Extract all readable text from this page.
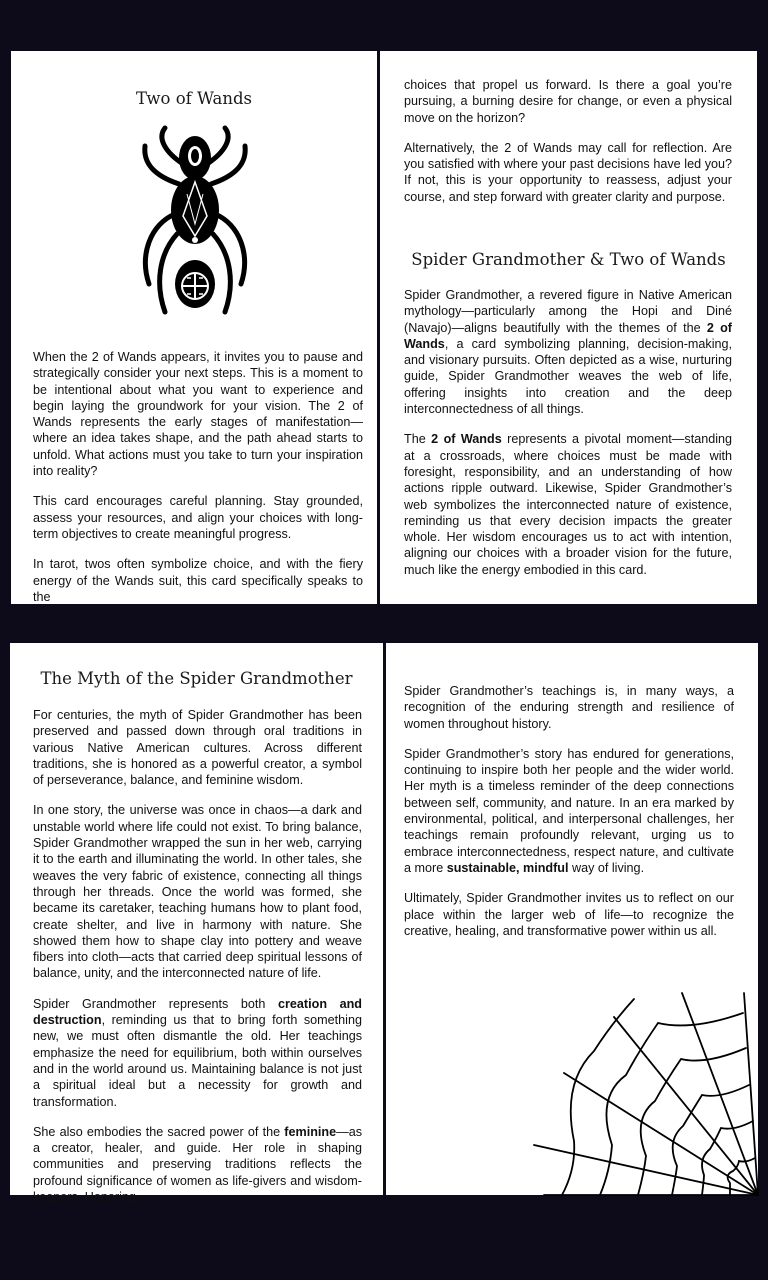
Two of Wands

When the 2 of Wands appears, it invites you to pause and strategically consider your next steps. This is a moment to be intentional about what you want to experience and begin laying the groundwork for your vision. The 2 of Wands represents the early stages of manifestation—where an idea takes shape, and the path ahead starts to unfold. What actions must you take to turn your inspiration into reality?

This card encourages careful planning. Stay grounded, assess your resources, and align your choices with long-term objectives to create meaningful progress.

In tarot, twos often symbolize choice, and with the fiery energy of the Wands suit, this card specifically speaks to the

choices that propel us forward. Is there a goal you’re pursuing, a burning desire for change, or even a physical move on the horizon?

Alternatively, the 2 of Wands may call for reflection. Are you satisfied with where your past decisions have led you? If not, this is your opportunity to reassess, adjust your course, and step forward with greater clarity and purpose.

Spider Grandmother & Two of Wands

Spider Grandmother, a revered figure in Native American mythology—particularly among the Hopi and Diné (Navajo)—aligns beautifully with the themes of the 2 of Wands, a card symbolizing planning, decision-making, and visionary pursuits. Often depicted as a wise, nurturing guide, Spider Grandmother weaves the web of life, offering insights into creation and the deep interconnectedness of all things.

The 2 of Wands represents a pivotal moment—standing at a crossroads, where choices must be made with foresight, responsibility, and an understanding of how actions ripple outward. Likewise, Spider Grandmother’s web symbolizes the interconnected nature of existence, reminding us that every decision impacts the greater whole. Her wisdom encourages us to act with intention, aligning our choices with a broader vision for the future, much like the energy embodied in this card.

The Myth of the Spider Grandmother

For centuries, the myth of Spider Grandmother has been preserved and passed down through oral traditions in various Native American cultures. Across different traditions, she is honored as a powerful creator, a symbol of perseverance, balance, and feminine wisdom.

In one story, the universe was once in chaos—a dark and unstable world where life could not exist. To bring balance, Spider Grandmother wrapped the sun in her web, carrying it to the earth and illuminating the world. In other tales, she weaves the very fabric of existence, connecting all things through her threads. Once the world was formed, she became its caretaker, teaching humans how to plant food, create shelter, and live in harmony with nature. She showed them how to shape clay into pottery and weave fibers into cloth—acts that carried deep spiritual lessons of balance, unity, and the interconnected nature of life.

Spider Grandmother represents both creation and destruction, reminding us that to bring forth something new, we must often dismantle the old. Her teachings emphasize the need for equilibrium, both within ourselves and in the world around us. Maintaining balance is not just a spiritual ideal but a necessity for growth and transformation.

She also embodies the sacred power of the feminine—as a creator, healer, and guide. Her role in shaping communities and preserving traditions reflects the profound significance of women as life-givers and wisdom-keepers. Honoring

Spider Grandmother’s teachings is, in many ways, a recognition of the enduring strength and resilience of women throughout history.

Spider Grandmother’s story has endured for generations, continuing to inspire both her people and the wider world. Her myth is a timeless reminder of the deep connections between self, community, and nature. In an era marked by environmental, political, and interpersonal challenges, her teachings remain profoundly relevant, urging us to embrace interconnectedness, respect nature, and cultivate a more sustainable, mindful way of living.

Ultimately, Spider Grandmother invites us to reflect on our place within the larger web of life—to recognize the creative, healing, and transformative power within us all.
